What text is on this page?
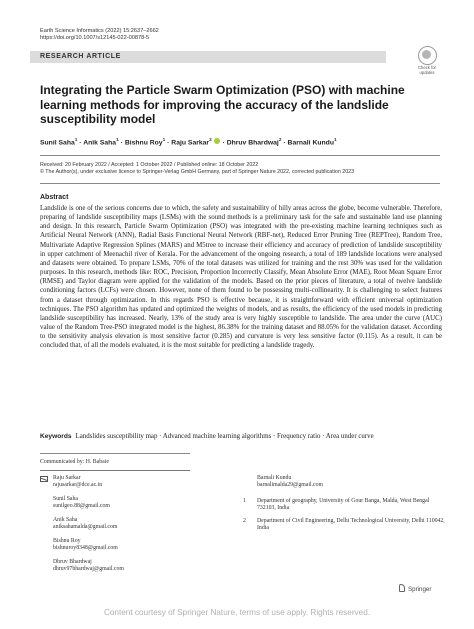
Earth Science Informatics (2022) 15:2637–2662
https://doi.org/10.1007/s12145-022-00878-5
RESEARCH ARTICLE
Check for updates
Integrating the Particle Swarm Optimization (PSO) with machine learning methods for improving the accuracy of the landslide susceptibility model
Sunil Saha$^1$ · Anik Saha$^1$ · Bishnu Roy$^1$ · Raju Sarkar$^2$  · Dhruv Bhardwaj$^2$ · Barnali Kundu$^1$
Received: 20 February 2022 / Accepted: 1 October 2022 / Published online: 18 October 2022
© The Author(s), under exclusive licence to Springer-Verlag GmbH Germany, part of Springer Nature 2022, corrected publication 2023
Abstract
Landslide is one of the serious concerns due to which, the safety and sustainability of hilly areas across the globe, become vulnerable. Therefore, preparing of landslide susceptibility maps (LSMs) with the sound methods is a preliminary task for the safe and sustainable land use planning and design. In this research, Particle Swarm Optimization (PSO) was integrated with the pre-existing machine learning techniques such as Artificial Neural Network (ANN), Radial Basis Functional Neural Network (RBF-net), Reduced Error Pruning Tree (REPTree), Random Tree, Multivariate Adaptive Regression Splines (MARS) and M5tree to increase their efficiency and accuracy of prediction of landslide susceptibility in upper catchment of Meenachil river of Kerala. For the advancement of the ongoing research, a total of 189 landslide locations were analysed and datasets were obtained. To prepare LSMs, 70% of the total datasets was utilized for training and the rest 30% was used for the validation purposes. In this research, methods like: ROC, Precision, Proportion Incorrectly Classify, Mean Absolute Error (MAE), Root Mean Square Error (RMSE) and Taylor diagram were applied for the validation of the models. Based on the prior pieces of literature, a total of twelve landslide conditioning factors (LCFs) were chosen. However, none of them found to be possessing multi-collinearity. It is challenging to select features from a dataset through optimization. In this regards PSO is effective because, it is straightforward with efficient universal optimization techniques. The PSO algorithm has updated and optimized the weights of models, and as results, the efficiency of the used models in predicting landslide susceptibility has increased. Nearly, 13% of the study area is very highly susceptible to landslide. The area under the curve (AUC) value of the Random Tree-PSO integrated model is the highest, 86.38% for the training dataset and 88.05% for the validation dataset. According to the sensitivity analysis elevation is most sensitive factor (0.285) and curvature is very less sensitive factor (0.115). As a result, it can be concluded that, of all the models evaluated, it is the most suitable for predicting a landslide tragedy.
Keywords Landslides susceptibility map · Advanced machine learning algorithms · Frequency ratio · Area under curve
Communicated by: H. Babaie
Raju Sarkar
rajusarkar@dce.ac.in
Sunil Saha
sunilgeo.88@gmail.com
Anik Saha
aniksahamalda@gmail.com
Bishnu Roy
bishnuroy8348@gmail.com
Dhruv Bhardwaj
dhruv97bhardwaj@gmail.com
Barnali Kundu
barnalimalda29@gmail.com
1 Department of geography, University of Gour Banga, Malda, West Bengal 732103, India
2 Department of Civil Engineering, Delhi Technological University, Delhi 110042, India
Springer
Content courtesy of Springer Nature, terms of use apply. Rights reserved.
